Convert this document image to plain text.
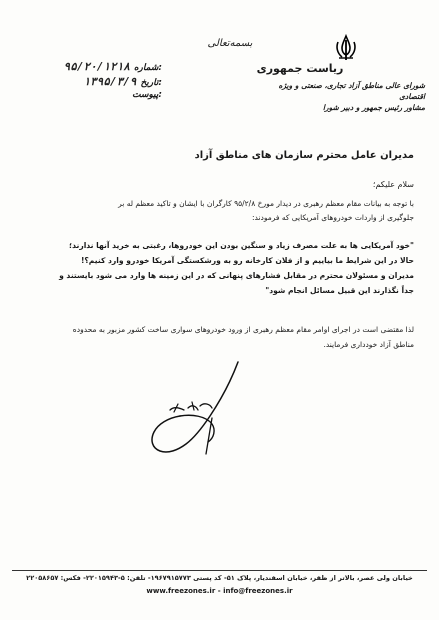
بسمه‌تعالی
ریاست جمهوری
شورای عالی مناطق آزاد تجاری، صنعتی و ویژه اقتصادی
مشاور رئیس جمهور و دبیر شورا
شماره:
۹۵/۲۰/۱۲۱۸
تاریخ:
۱۳۹۵/۳/۹
پیوست:
مدیران عامل محترم سازمان های مناطق آزاد
سلام علیکم؛
با توجه به بیانات مقام معظم رهبری در دیدار مورخ ۹۵/۲/۸ کارگران با ایشان و تاکید معظم له بر
جلوگیری از واردات خودروهای آمریکایی که فرمودند:
"خود آمریکایی ها به علت مصرف زیاد و سنگین بودن این خودروها، رغبتی به خرید آنها ندارند؛
حالا در این شرایط ما بیاییم و از فلان کارخانه رو به ورشکستگی آمریکا خودرو وارد کنیم؟!
مدیران و مسئولان محترم در مقابل فشارهای پنهانی که در این زمینه ها وارد می شود بایستند و
جداً نگذارند این قبیل مسائل انجام شود"
لذا مقتضی است در اجرای اوامر مقام معظم رهبری از ورود خودروهای سواری ساخت کشور مزبور به محدوده
مناطق آزاد خودداری فرمایند.
خیابان ولی عصر، بالاتر از ظفر، خیابان اسفندیار، پلاک ۵۱- کد پستی ۱۹۶۷۹۱۵۷۷۳- تلفن: ۵-۲۲۰۱۵۹۴۳- فکس: ۲۲۰۵۸۶۵۷
www.freezones.ir - info@freezones.ir
